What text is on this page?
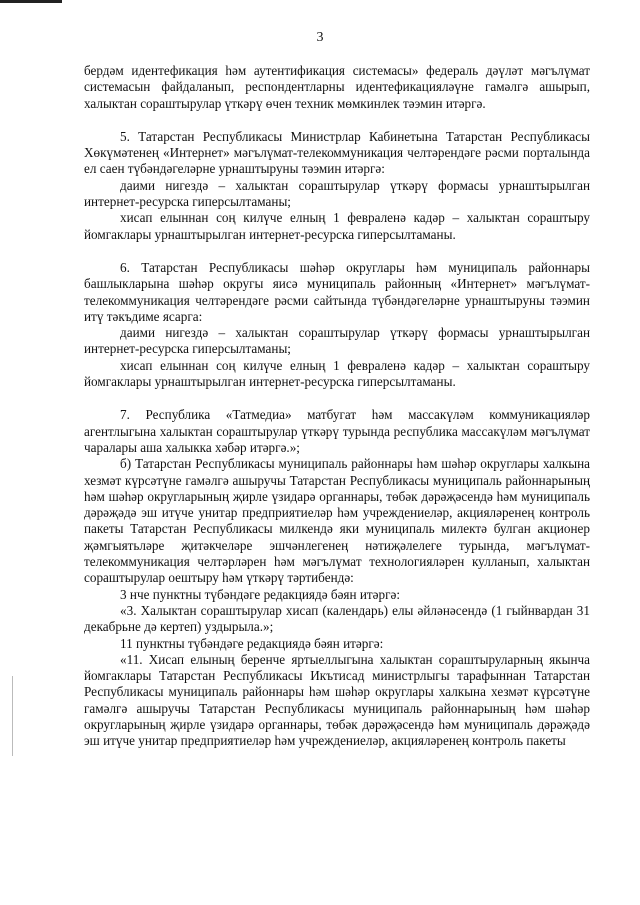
3

бердәм идентефикация һәм аутентификация системасы» федераль дәүләт мәгълүмат системасын файдаланып, респондентларны идентефикацияләүне гамәлгә ашырып, халыктан сораштырулар үткәрү өчен техник мөмкинлек тәэмин итәргә.

5. Татарстан Республикасы Министрлар Кабинетына Татарстан Республикасы Хөкүмәтенең «Интернет» мәгълүмат-телекоммуникация челтәрендәге рәсми порталында ел саен түбәндәгеләрне урнаштыруны тәэмин итәргә:

даими нигездә – халыктан сораштырулар үткәрү формасы урнаштырылган интернет-ресурска гиперсылтаманы;

хисап елыннан соң килүче елның 1 февраленә кадәр – халыктан сораштыру йомгаклары урнаштырылган интернет-ресурска гиперсылтаманы.

6. Татарстан Республикасы шәһәр округлары һәм муниципаль районнары башлыкларына шәһәр округы яисә муниципаль районның «Интернет» мәгълүмат-телекоммуникация челтәрендәге рәсми сайтында түбәндәгеләрне урнаштыруны тәэмин итү тәкъдиме ясарга:

даими нигездә – халыктан сораштырулар үткәрү формасы урнаштырылган интернет-ресурска гиперсылтаманы;

хисап елыннан соң килүче елның 1 февраленә кадәр – халыктан сораштыру йомгаклары урнаштырылган интернет-ресурска гиперсылтаманы.

7. Республика «Татмедиа» матбугат һәм массакүләм коммуникацияләр агентлыгына халыктан сораштырулар үткәрү турында республика массакүләм мәгълүмат чаралары аша халыкка хәбәр итәргә.»;

б) Татарстан Республикасы муниципаль районнары һәм шәһәр округлары халкына хезмәт күрсәтүне гамәлгә ашыручы Татарстан Республикасы муниципаль районнарының һәм шәһәр округларының җирле үзидарә органнары, төбәк дәрәҗәсендә һәм муниципаль дәрәҗәдә эш итүче унитар предприятиеләр һәм учреждениеләр, акцияләренең контроль пакеты Татарстан Республикасы милкендә яки муниципаль милектә булган акционер җәмгыятьләре җитәкчеләре эшчәнлегенең нәтиҗәлелеге турында, мәгълүмат-телекоммуникация челтәрләрен һәм мәгълүмат технологияләрен кулланып, халыктан сораштырулар оештыру һәм үткәрү тәртибендә:

3 нче пунктны түбәндәге редакциядә бәян итәргә:

«3. Халыктан сораштырулар хисап (календарь) елы әйләнәсендә (1 гыйнвардан 31 декабрьне дә кертеп) уздырыла.»;

11 пунктны түбәндәге редакциядә бәян итәргә:

«11. Хисап елының беренче яртыеллыгына халыктан сораштыруларның якынча йомгаклары Татарстан Республикасы Икътисад министрлыгы тарафыннан Татарстан Республикасы муниципаль районнары һәм шәһәр округлары халкына хезмәт күрсәтүне гамәлгә ашыручы Татарстан Республикасы муниципаль районнарының һәм шәһәр округларының җирле үзидарә органнары, төбәк дәрәҗәсендә һәм муниципаль дәрәҗәдә эш итүче унитар предприятиеләр һәм учреждениеләр, акцияләренең контроль пакеты
